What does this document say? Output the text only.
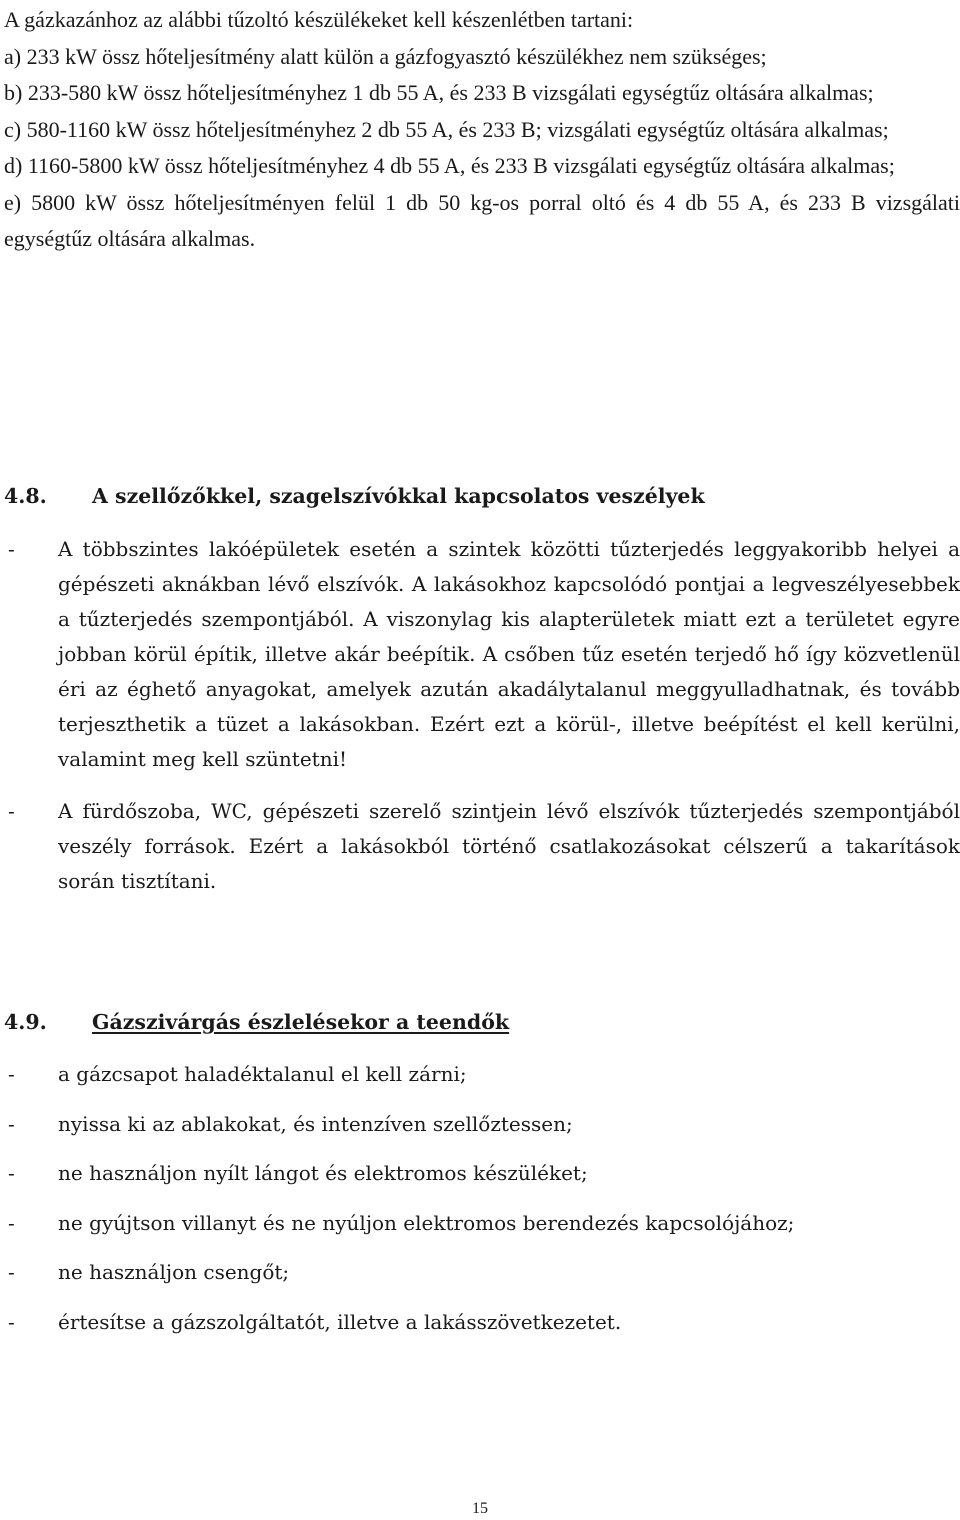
A gázkazánhoz az alábbi tűzoltó készülékeket kell készenlétben tartani:

a) 233 kW össz hőteljesítmény alatt külön a gázfogyasztó készülékhez nem szükséges;

b) 233-580 kW össz hőteljesítményhez 1 db 55 A, és 233 B vizsgálati egységtűz oltására alkalmas;

c) 580-1160 kW össz hőteljesítményhez 2 db 55 A, és 233 B; vizsgálati egységtűz oltására alkalmas;

d) 1160-5800 kW össz hőteljesítményhez 4 db 55 A, és 233 B vizsgálati egységtűz oltására alkalmas;

e) 5800 kW össz hőteljesítményen felül 1 db 50 kg-os porral oltó és 4 db 55 A, és 233 B vizsgálati egységtűz oltására alkalmas.

4.8. A szellőzőkkel, szagelszívókkal kapcsolatos veszélyek

- A többszintes lakóépületek esetén a szintek közötti tűzterjedés leggyakoribb helyei a gépészeti aknákban lévő elszívók. A lakásokhoz kapcsolódó pontjai a legveszélyesebbek a tűzterjedés szempontjából. A viszonylag kis alapterületek miatt ezt a területet egyre jobban körül építik, illetve akár beépítik. A csőben tűz esetén terjedő hő így közvetlenül éri az éghető anyagokat, amelyek azután akadálytalanul meggyulladhatnak, és tovább terjeszthetik a tüzet a lakásokban. Ezért ezt a körül-, illetve beépítést el kell kerülni, valamint meg kell szüntetni!

- A fürdőszoba, WC, gépészeti szerelő szintjein lévő elszívók tűzterjedés szempontjából veszély források. Ezért a lakásokból történő csatlakozásokat célszerű a takarítások során tisztítani.

4.9. Gázszivárgás észlelésekor a teendők
- a gázcsapot haladéktalanul el kell zárni;
- nyissa ki az ablakokat, és intenzíven szellőztessen;
- ne használjon nyílt lángot és elektromos készüléket;
- ne gyújtson villanyt és ne nyúljon elektromos berendezés kapcsolójához;
- ne használjon csengőt;
- értesítse a gázszolgáltatót, illetve a lakásszövetkezetet.
15
